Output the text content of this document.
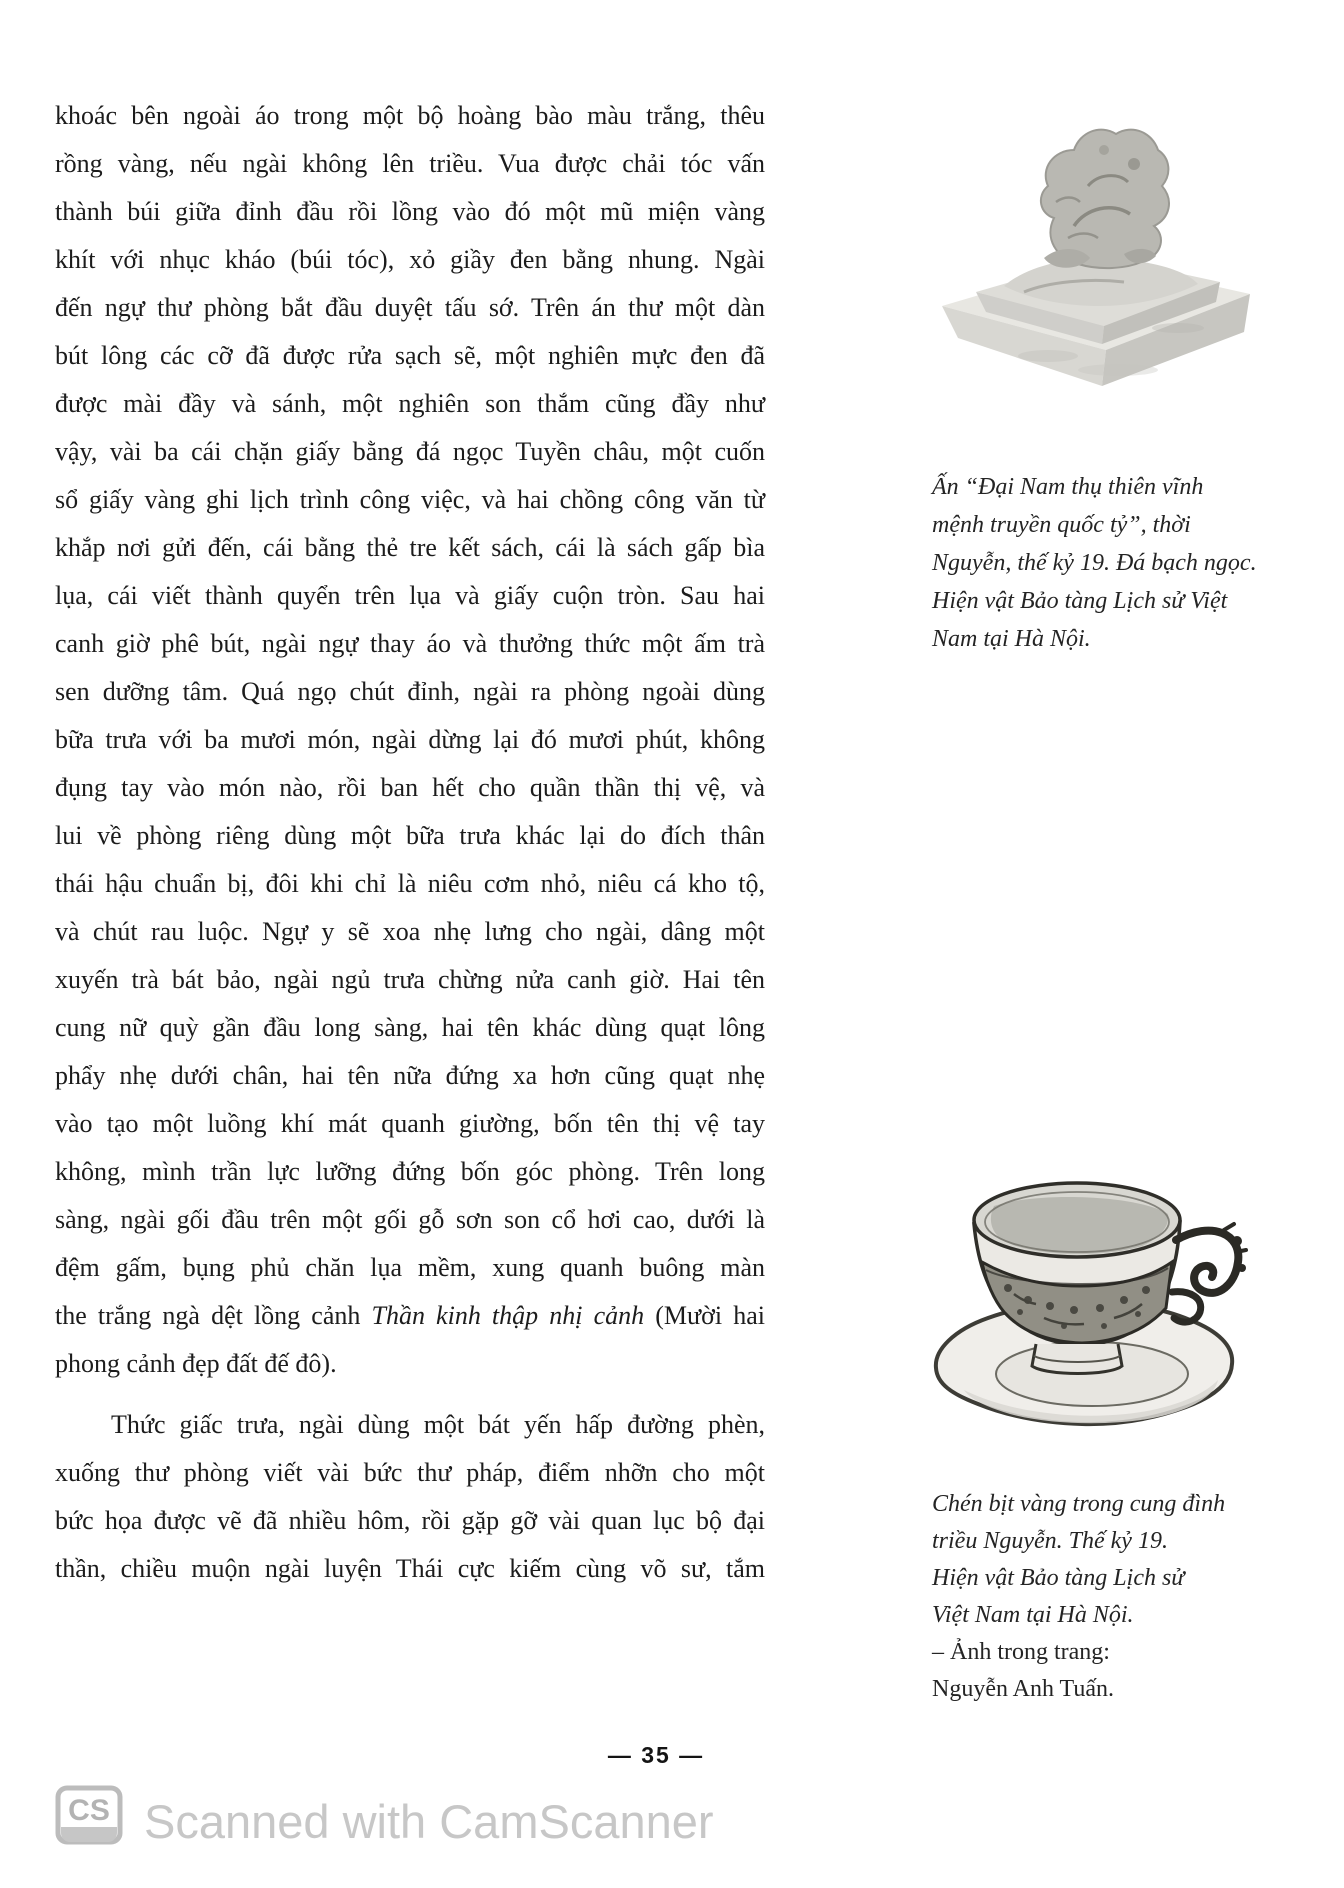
khoác bên ngoài áo trong một bộ hoàng bào màu trắng, thêu
rồng vàng, nếu ngài không lên triều. Vua được chải tóc vấn
thành búi giữa đỉnh đầu rồi lồng vào đó một mũ miện vàng
khít với nhục kháo (búi tóc), xỏ giầy đen bằng nhung. Ngài
đến ngự thư phòng bắt đầu duyệt tấu sớ. Trên án thư một dàn
bút lông các cỡ đã được rửa sạch sẽ, một nghiên mực đen đã
được mài đầy và sánh, một nghiên son thắm cũng đầy như
vậy, vài ba cái chặn giấy bằng đá ngọc Tuyền châu, một cuốn
sổ giấy vàng ghi lịch trình công việc, và hai chồng công văn từ
khắp nơi gửi đến, cái bằng thẻ tre kết sách, cái là sách gấp bìa
lụa, cái viết thành quyển trên lụa và giấy cuộn tròn. Sau hai
canh giờ phê bút, ngài ngự thay áo và thưởng thức một ấm trà
sen dưỡng tâm. Quá ngọ chút đỉnh, ngài ra phòng ngoài dùng
bữa trưa với ba mươi món, ngài dừng lại đó mươi phút, không
đụng tay vào món nào, rồi ban hết cho quần thần thị vệ, và
lui về phòng riêng dùng một bữa trưa khác lại do đích thân
thái hậu chuẩn bị, đôi khi chỉ là niêu cơm nhỏ, niêu cá kho tộ,
và chút rau luộc. Ngự y sẽ xoa nhẹ lưng cho ngài, dâng một
xuyến trà bát bảo, ngài ngủ trưa chừng nửa canh giờ. Hai tên
cung nữ quỳ gần đầu long sàng, hai tên khác dùng quạt lông
phẩy nhẹ dưới chân, hai tên nữa đứng xa hơn cũng quạt nhẹ
vào tạo một luồng khí mát quanh giường, bốn tên thị vệ tay
không, mình trần lực lưỡng đứng bốn góc phòng. Trên long
sàng, ngài gối đầu trên một gối gỗ sơn son cổ hơi cao, dưới là
đệm gấm, bụng phủ chăn lụa mềm, xung quanh buông màn
the trắng ngà dệt lồng cảnh Thần kinh thập nhị cảnh (Mười hai
phong cảnh đẹp đất đế đô).
Thức giấc trưa, ngài dùng một bát yến hấp đường phèn,
xuống thư phòng viết vài bức thư pháp, điểm nhỡn cho một
bức họa được vẽ đã nhiều hôm, rồi gặp gỡ vài quan lục bộ đại
thần, chiều muộn ngài luyện Thái cực kiếm cùng võ sư, tắm
Ấn “Đại Nam thụ thiên vĩnh
mệnh truyền quốc tỷ”, thời
Nguyễn, thế kỷ 19. Đá bạch ngọc.
Hiện vật Bảo tàng Lịch sử Việt
Nam tại Hà Nội.
Chén bịt vàng trong cung đình
triều Nguyễn. Thế kỷ 19.
Hiện vật Bảo tàng Lịch sử
Việt Nam tại Hà Nội.
– Ảnh trong trang:
Nguyễn Anh Tuấn.
— 35 —
CS Scanned with CamScanner
